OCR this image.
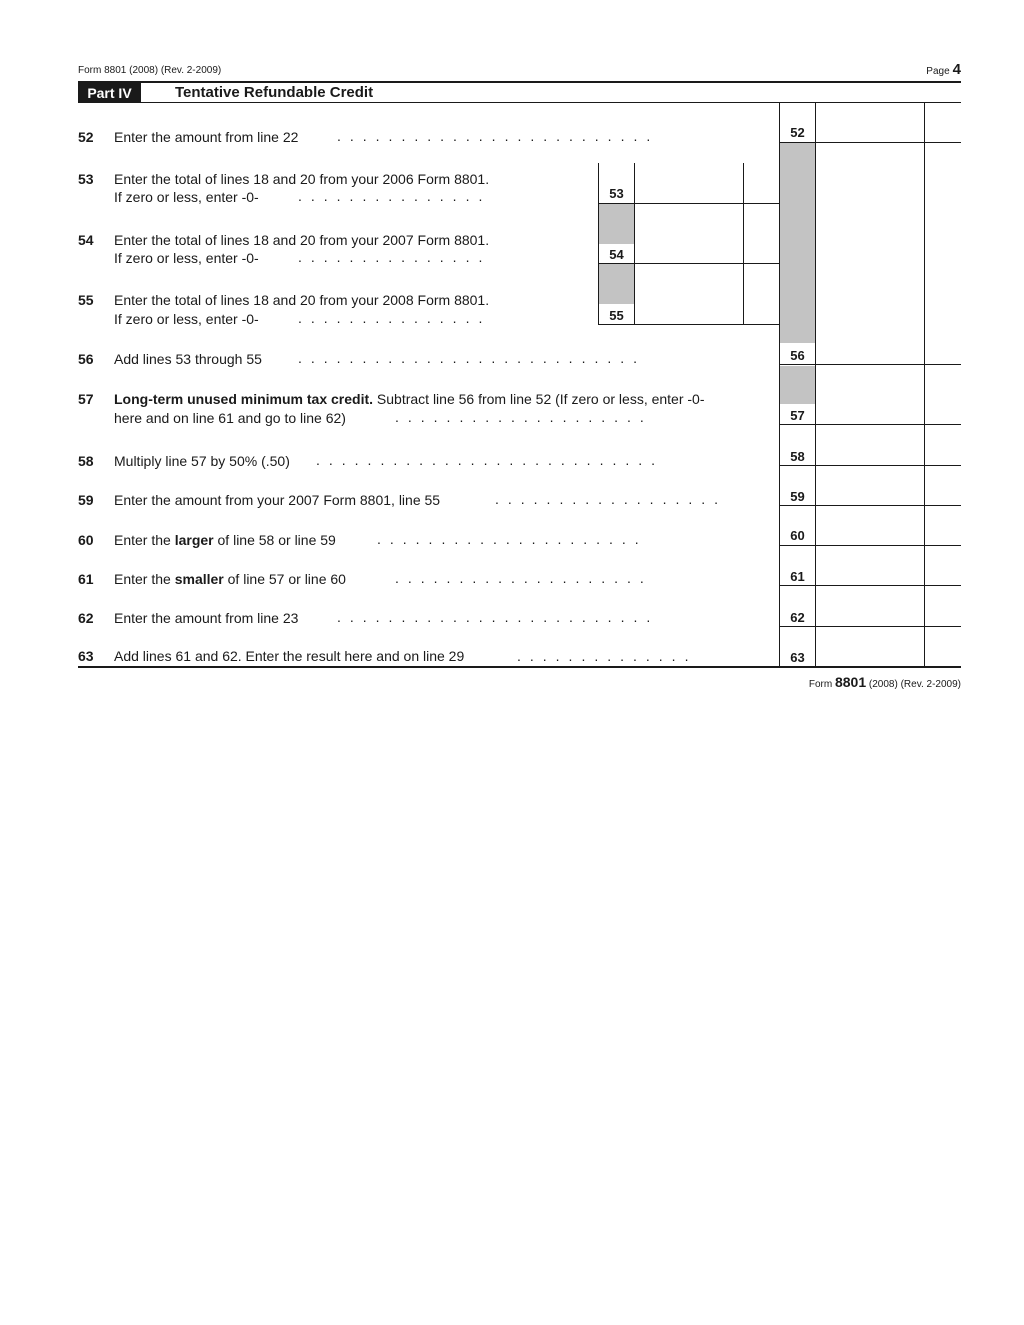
Form 8801 (2008) (Rev. 2-2009)	Page 4
Part IV	Tentative Refundable Credit
52 Enter the amount from line 22	.........................	52
53 Enter the total of lines 18 and 20 from your 2006 Form 8801.
If zero or less, enter -0-	...............	53
54 Enter the total of lines 18 and 20 from your 2007 Form 8801.
If zero or less, enter -0-	...............	54
55 Enter the total of lines 18 and 20 from your 2008 Form 8801.
If zero or less, enter -0-	...............	55
56 Add lines 53 through 55	...........................	56
57 Long-term unused minimum tax credit. Subtract line 56 from line 52 (If zero or less, enter -0-
here and on line 61 and go to line 62)	....................	57
58 Multiply line 57 by 50% (.50) ...........................	58
59 Enter the amount from your 2007 Form 8801, line 55	..................	59
60 Enter the larger of line 58 or line 59	.....................	60
61 Enter the smaller of line 57 or line 60	....................	61
62 Enter the amount from line 23	.........................	62
63 Add lines 61 and 62. Enter the result here and on line 29	..............	63
Form 8801 (2008) (Rev. 2-2009)
